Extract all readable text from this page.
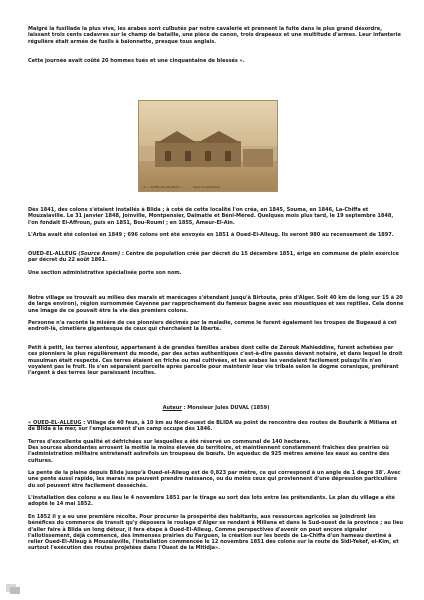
Malgré la fusillade la plus vive, les arabes sont culbutés par notre cavalerie et prennent la fuite dans le plus grand désordre, laissant trois cents cadavres sur le champ de bataille, une pièce de canon, trois drapeaux et une multitude d'armes. Leur infanterie régulière était armée de fusils à baïonnette, presque tous anglais.

Cette journée avait coûté 20 hommes tués et une cinquantaine de blessés ».

4 — OUED-EL-ALLEUG. —	Cave Coopérative

Dès 1841, des colons s'étaient installés à Blida ; à coté de cette localité l'on créa, en 1845, Souma, en 1846, La-Chiffa et Mouzaiaville. Le 31 janvier 1848, Joinville, Montpensier, Dalmatie et Béni-Méred. Quelques mois plus tard, le 19 septembre 1848, l'on fondait El-Affroun, puis en 1851, Bou-Roumi ; en 1855, Ameur-El-Ain.

L'Arba avait été colonisé en 1849 ; 696 colons ont été envoyés en 1851 à Oued-El-Alleug. Ils seront 980 au recensement de 1897.

OUED-EL-ALLEUG (Source Anom) : Centre de population créé par décret du 15 décembre 1851, érigé en commune de plein exercice par décret du 22 août 1861.

Une section administrative spécialisée porte son nom.

Notre village se trouvait au milieu des marais et marécages s'étendant jusqu'à Birtouta, près d'Alger. Soit 40 km de long sur 15 à 20 de large environ), région surnommée Cayenne par rapprochement du fameux bagne avec ses moustiques et ses reptiles. Cela donne une image de ce pouvait être la vie des premiers colons.

Personne n'a raconté la misère de ces pionniers décimés par la maladie, comme le furent également les troupes de Bugeaud à cet endroit-là, cimetière gigantesque de ceux qui cherchaient la liberté.

Petit à petit, les terres alentour, appartenant à de grandes familles arabes dont celle de Zérouk Mahieddine, furent achetées par ces pionniers le plus régulièrement du monde, par des actes authentiques c'est-à-dire passés devant notaire, et dans lequel le droit musulman était respecté. Ces terres étaient en friche ou mal cultivées, et les arabes les vendaient facilement puisqu'ils n'en voyaient pas le fruit. Ils s'en séparaient parcelle après parcelle pour maintenir leur vie tribale selon le dogme coranique, préférant l'argent à des terres leur paraissant incultes.

Auteur : Monsieur Jules DUVAL (1859)

« OUED-EL-ALLEUG : Village de 40 feux, à 10 km au Nord-ouest de BLIDA au point de rencontre des routes de Boufarik à Miliana et de Blida à la mer, sur l'emplacement d'un camp occupé dès 1846.

Terres d'excellente qualité et défrichées sur lesquelles a été réservé un communal de 140 hectares.

Des sources abondantes arrosent la moitié la moins élevée du territoire, et maintiennent constamment fraîches des prairies où l'administration militaire entretenait autrefois un troupeau de bœufs. Un aqueduc de 925 mètres amène les eaux au centre des cultures.

La pente de la plaine depuis Blida jusqu'à Oued-el-Alleug est de 0,823 par mètre, ce qui correspond à un angle de 1 degré 38'. Avec une pente aussi rapide, les marais ne peuvent prendre naissance, ou du moins ceux qui proviennent d'une dépression particulière du sol peuvent être facilement desséchés.

L'installation des colons a eu lieu le 4 novembre 1851 par le tirage au sort des lots entre les prétendants. Le plan du village a été adopté le 14 mai 1852.

En 1852 il y a eu une première récolte. Pour procurer la prospérité des habitants, aux ressources agricoles se joindront les bénéfices du commerce de transit qu'y déposera le roulage d'Alger se rendant à Miliana et dans le Sud-ouest de la province ; au lieu d'aller faire à Blida un long détour, il fera étape à Oued-El-Alleug. Comme perspectives d'avenir on peut encore signaler l'allotissement, déjà commencé, des immenses prairies du Farguen, la création sur les bords de La-Chiffa d'un hameau destiné à relier Oued-El-Alleug à Mouzaïaville, l'installation commencée le 12 novembre 1851 des colons sur la route de Sidi-Yekef, el-Kim, et surtout l'exécution des routes projetées dans l'Ouest de la Mitidja».
